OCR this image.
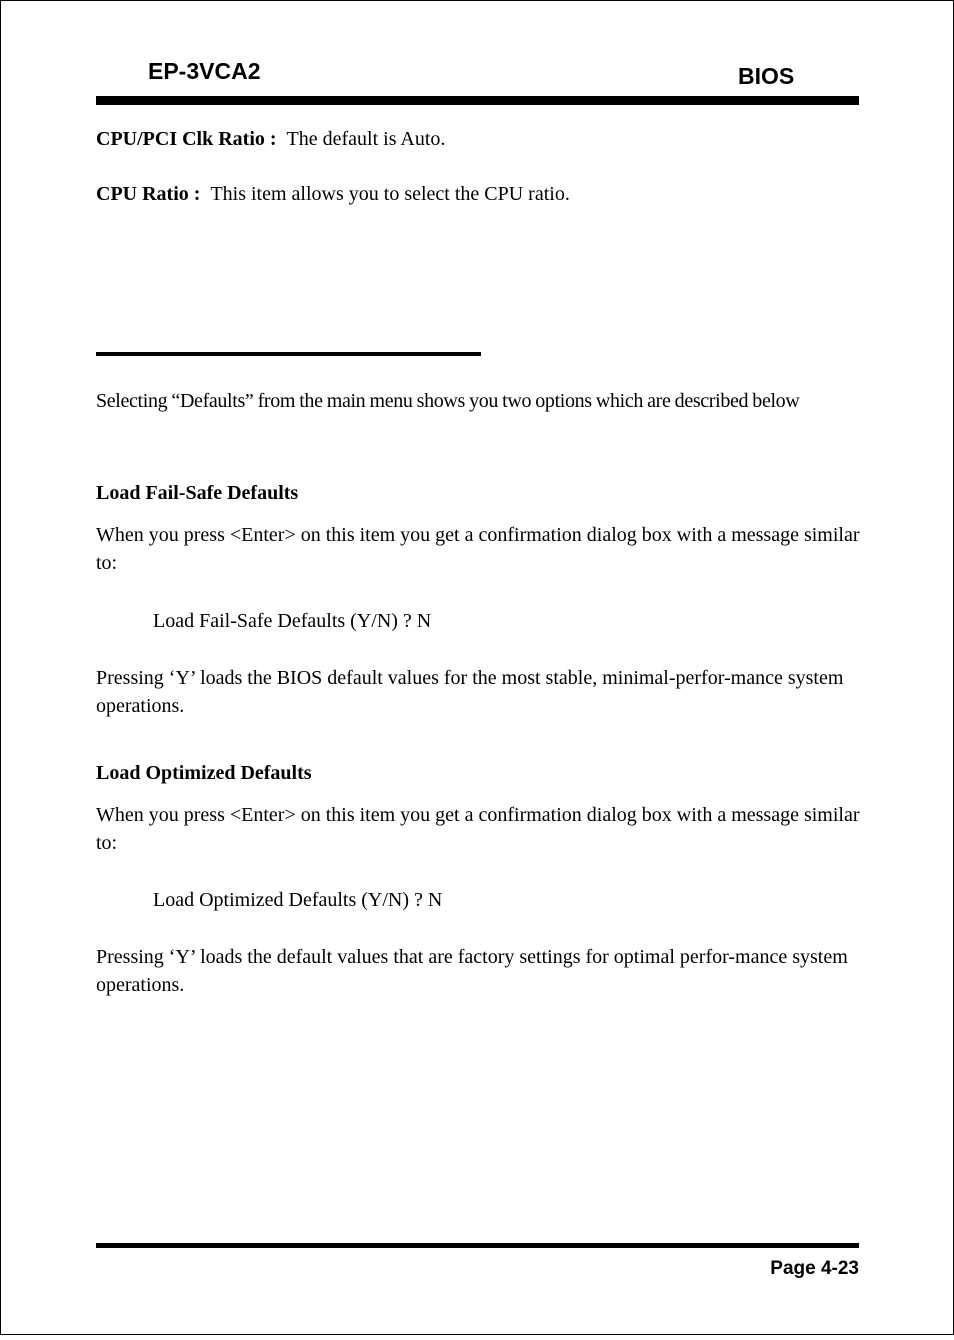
EP-3VCA2	BIOS

CPU/PCI Clk Ratio : The default is Auto.

CPU Ratio : This item allows you to select the CPU ratio.

Selecting “Defaults” from the main menu shows you two options which are described below

Load Fail-Safe Defaults

When you press <Enter> on this item you get a confirmation dialog box with a message similar to:

Load Fail-Safe Defaults (Y/N) ? N

Pressing ‘Y’ loads the BIOS default values for the most stable, minimal-perfor-mance system operations.

Load Optimized Defaults

When you press <Enter> on this item you get a confirmation dialog box with a message similar to:

Load Optimized Defaults (Y/N) ? N

Pressing ‘Y’ loads the default values that are factory settings for optimal perfor-mance system operations.

Page 4-23
